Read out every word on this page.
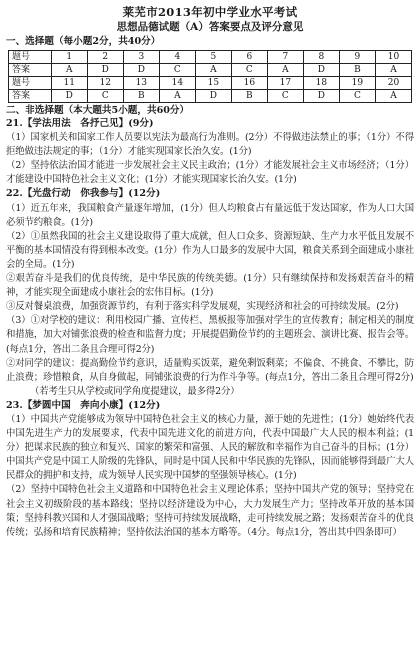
莱芜市2013年初中学业水平考试
思想品德试题（A）答案要点及评分意见
一、选择题（每小题2分，共40分）
题号	1	2	3	4	5	6	7	8	9	10
答案	A	D	D	C	A	C	A	D	B	A
题号	11	12	13	14	15	16	17	18	19	20
答案	D	C	B	A	D	B	C	D	C	A
二、非选择题（本大题共5小题，共60分）
21.【学法用法　各抒己见】(9分)
（1）国家机关和国家工作人员要以宪法为最高行为准则。(2分）不得做违法禁止的事；（1分）不得拒绝做违法规定的事；（1分）才能实现国家长治久安。(1分)
（2）坚持依法治国才能进一步发展社会主义民主政治；(1分）才能发展社会主义市场经济；（1分）才能建设中国特色社会主义文化；(1分）才能实现国家长治久安。(1分)
22.【光盘行动　你我参与】(12分)
（1）近五年来，我国粮食产量逐年增加，(1分）但人均粮食占有量远低于发达国家，作为人口大国必须节约粮食。(1分)
（2）①虽然我国的社会主义建设取得了重大成就，但人口众多、资源短缺、生产力水平低且发展不平衡的基本国情没有得到根本改变。(1分）作为人口最多的发展中大国，粮食关系到全面建成小康社会的全局。(1分)
②艰苦奋斗是我们的优良传统，是中华民族的传统美德。(1分）只有继续保持和发扬艰苦奋斗的精神，才能实现全面建成小康社会的宏伟目标。(1分)
③反对餐桌浪费，加强资源节约，有利于落实科学发展观，实现经济和社会的可持续发展。(2分)
（3）①对学校的建议：利用校园广播、宣传栏、黑板报等加强对学生的宣传教育；制定相关的制度和措施，加大对铺张浪费的检查和监督力度；开展提倡勤俭节约的主题班会、演讲比赛、报告会等。(每点1分，答出二条且合理可得2分)
②对同学的建议：提高勤俭节约意识，适量购买饭菜，避免剩饭剩菜；不偏食、不挑食、不攀比，防止浪费；珍惜粮食，从自身做起，同铺张浪费的行为作斗争等。(每点1分，答出二条且合理可得2分)
（若考生只从学校或同学角度提建议，最多得2分）
23.【梦圆中国　奔向小康】(12分)
（1）中国共产党能够成为领导中国特色社会主义的核心力量，源于她的先进性；(1分）她始终代表中国先进生产力的发展要求，代表中国先进文化的前进方向，代表中国最广大人民的根本利益；(1分）把谋求民族的独立和复兴、国家的繁荣和富强、人民的解放和幸福作为自己奋斗的目标；(1分）中国共产党是中国工人阶级的先锋队，同时是中国人民和中华民族的先锋队，因而能够得到最广大人民群众的拥护和支持，成为领导人民实现中国梦的坚强领导核心。(1分)
（2）坚持中国特色社会主义道路和中国特色社会主义理论体系；坚持中国共产党的领导；坚持党在社会主义初级阶段的基本路线；坚持以经济建设为中心，大力发展生产力；坚持改革开放的基本国策；坚持科教兴国和人才强国战略；坚持可持续发展战略，走可持续发展之路；发扬艰苦奋斗的优良传统；弘扬和培育民族精神；坚持依法治国的基本方略等。（4分。每点1分，答出其中四条即可）
